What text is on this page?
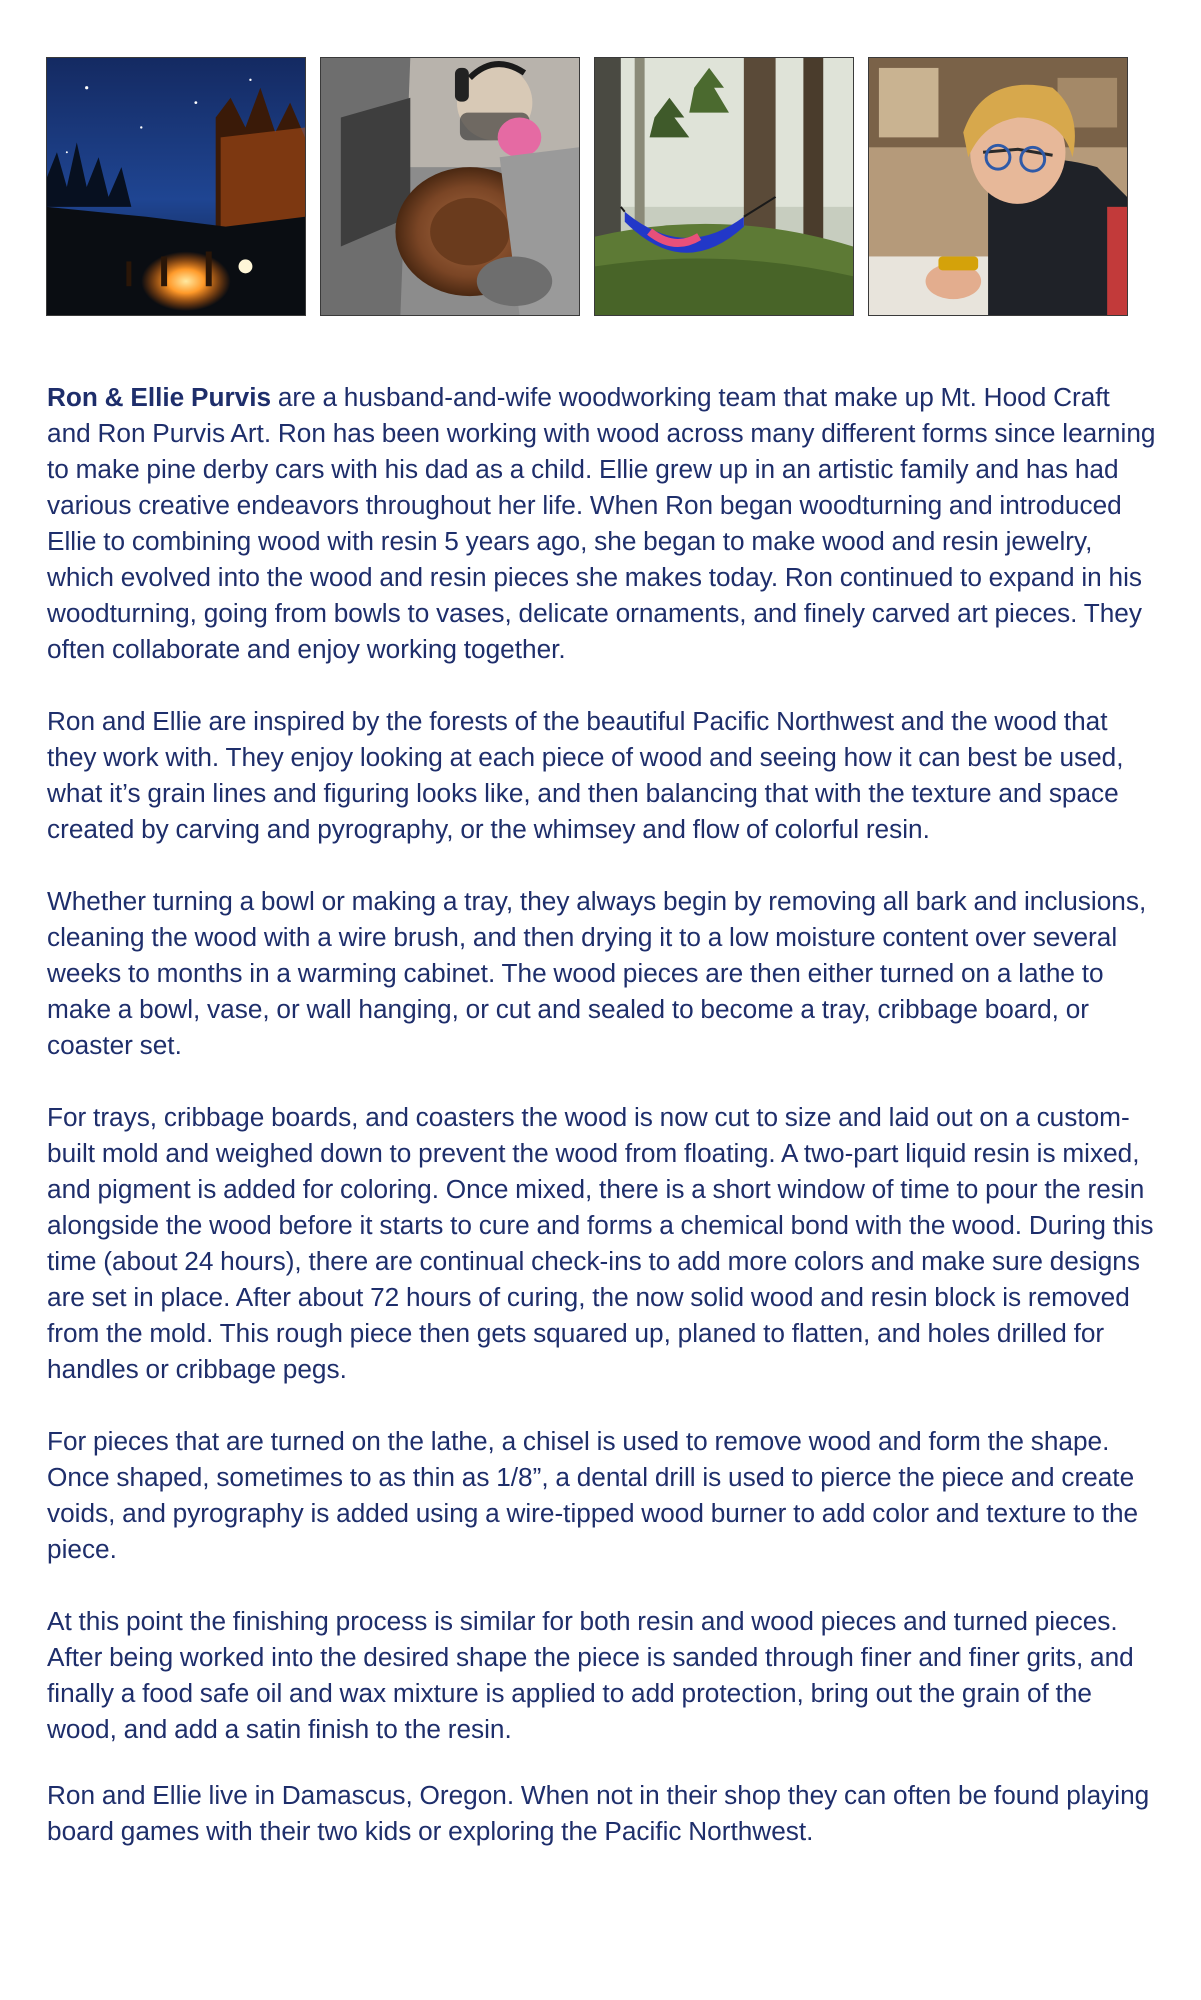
Ron & Ellie Purvis are a husband-and-wife woodworking team that make up Mt. Hood Craft and Ron Purvis Art. Ron has been working with wood across many different forms since learning to make pine derby cars with his dad as a child. Ellie grew up in an artistic family and has had various creative endeavors throughout her life. When Ron began woodturning and introduced Ellie to combining wood with resin 5 years ago, she began to make wood and resin jewelry, which evolved into the wood and resin pieces she makes today. Ron continued to expand in his woodturning, going from bowls to vases, delicate ornaments, and finely carved art pieces. They often collaborate and enjoy working together.

Ron and Ellie are inspired by the forests of the beautiful Pacific Northwest and the wood that they work with. They enjoy looking at each piece of wood and seeing how it can best be used, what it’s grain lines and figuring looks like, and then balancing that with the texture and space created by carving and pyrography, or the whimsey and flow of colorful resin.

Whether turning a bowl or making a tray, they always begin by removing all bark and inclusions, cleaning the wood with a wire brush, and then drying it to a low moisture content over several weeks to months in a warming cabinet. The wood pieces are then either turned on a lathe to make a bowl, vase, or wall hanging, or cut and sealed to become a tray, cribbage board, or coaster set.

For trays, cribbage boards, and coasters the wood is now cut to size and laid out on a custom-built mold and weighed down to prevent the wood from floating. A two-part liquid resin is mixed, and pigment is added for coloring. Once mixed, there is a short window of time to pour the resin alongside the wood before it starts to cure and forms a chemical bond with the wood. During this time (about 24 hours), there are continual check-ins to add more colors and make sure designs are set in place. After about 72 hours of curing, the now solid wood and resin block is removed from the mold. This rough piece then gets squared up, planed to flatten, and holes drilled for handles or cribbage pegs.

For pieces that are turned on the lathe, a chisel is used to remove wood and form the shape. Once shaped, sometimes to as thin as 1/8”, a dental drill is used to pierce the piece and create voids, and pyrography is added using a wire-tipped wood burner to add color and texture to the piece.

At this point the finishing process is similar for both resin and wood pieces and turned pieces. After being worked into the desired shape the piece is sanded through finer and finer grits, and finally a food safe oil and wax mixture is applied to add protection, bring out the grain of the wood, and add a satin finish to the resin.

Ron and Ellie live in Damascus, Oregon. When not in their shop they can often be found playing board games with their two kids or exploring the Pacific Northwest.
